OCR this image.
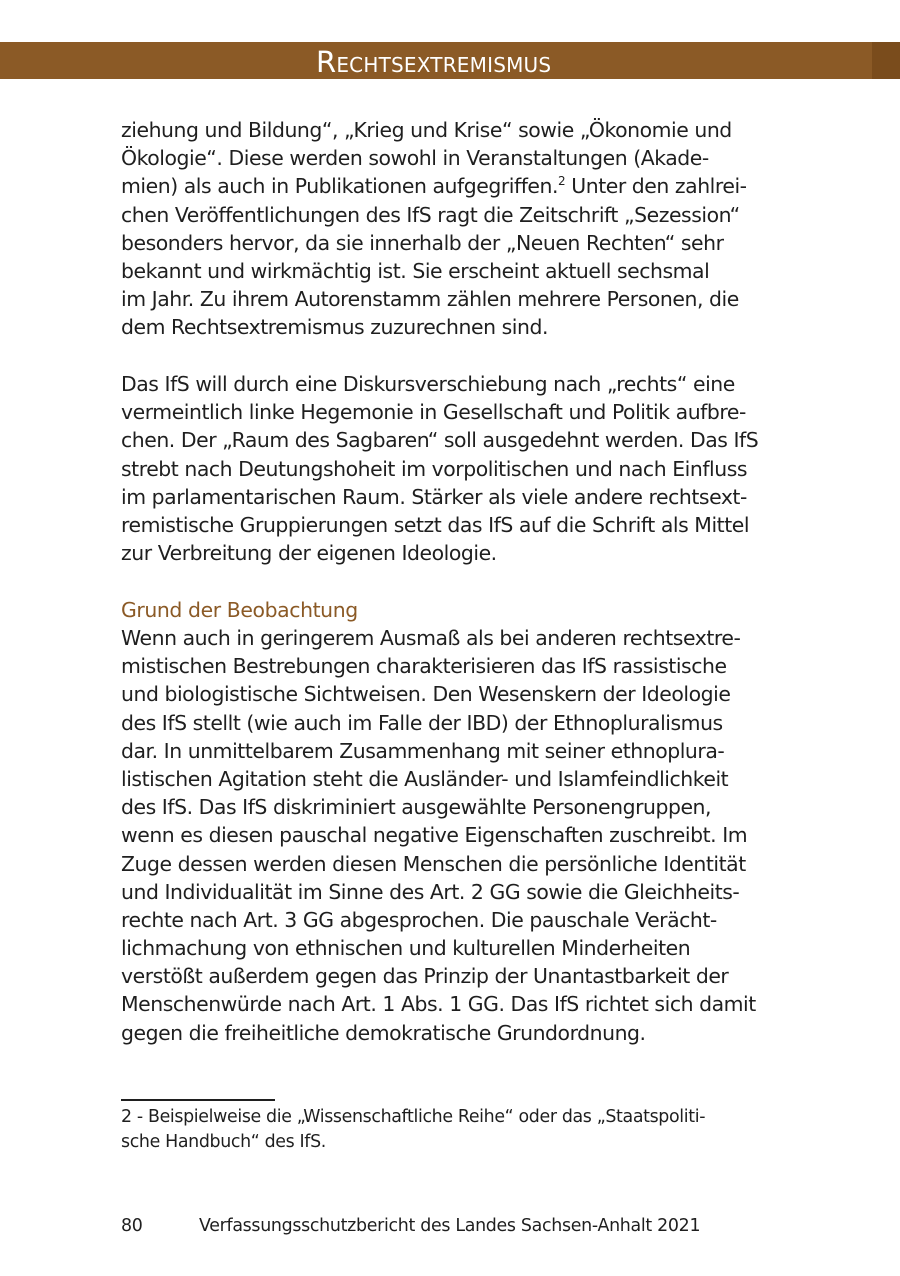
Rechtsextremismus
ziehung und Bildung“, „Krieg und Krise“ sowie „Ökonomie und
Ökologie“. Diese werden sowohl in Veranstaltungen (Akade-
mien) als auch in Publikationen aufgegriffen.$^2$ Unter den zahlrei-
chen Veröffentlichungen des IfS ragt die Zeitschrift „Sezession“
besonders hervor, da sie innerhalb der „Neuen Rechten“ sehr
bekannt und wirkmächtig ist. Sie erscheint aktuell sechsmal
im Jahr. Zu ihrem Autorenstamm zählen mehrere Personen, die
dem Rechtsextremismus zuzurechnen sind.
Das IfS will durch eine Diskursverschiebung nach „rechts“ eine
vermeintlich linke Hegemonie in Gesellschaft und Politik aufbre-
chen. Der „Raum des Sagbaren“ soll ausgedehnt werden. Das IfS
strebt nach Deutungshoheit im vorpolitischen und nach Einfluss
im parlamentarischen Raum. Stärker als viele andere rechtsext-
remistische Gruppierungen setzt das IfS auf die Schrift als Mittel
zur Verbreitung der eigenen Ideologie.
Grund der Beobachtung
Wenn auch in geringerem Ausmaß als bei anderen rechtsextre-
mistischen Bestrebungen charakterisieren das IfS rassistische
und biologistische Sichtweisen. Den Wesenskern der Ideologie
des IfS stellt (wie auch im Falle der IBD) der Ethnopluralismus
dar. In unmittelbarem Zusammenhang mit seiner ethnoplura-
listischen Agitation steht die Ausländer- und Islamfeindlichkeit
des IfS. Das IfS diskriminiert ausgewählte Personengruppen,
wenn es diesen pauschal negative Eigenschaften zuschreibt. Im
Zuge dessen werden diesen Menschen die persönliche Identität
und Individualität im Sinne des Art. 2 GG sowie die Gleichheits-
rechte nach Art. 3 GG abgesprochen. Die pauschale Verächt-
lichmachung von ethnischen und kulturellen Minderheiten
verstößt außerdem gegen das Prinzip der Unantastbarkeit der
Menschenwürde nach Art. 1 Abs. 1 GG. Das IfS richtet sich damit
gegen die freiheitliche demokratische Grundordnung.
2 - Beispielweise die „Wissenschaftliche Reihe“ oder das „Staatspoliti-
sche Handbuch“ des IfS.
80	Verfassungsschutzbericht des Landes Sachsen-Anhalt 2021
